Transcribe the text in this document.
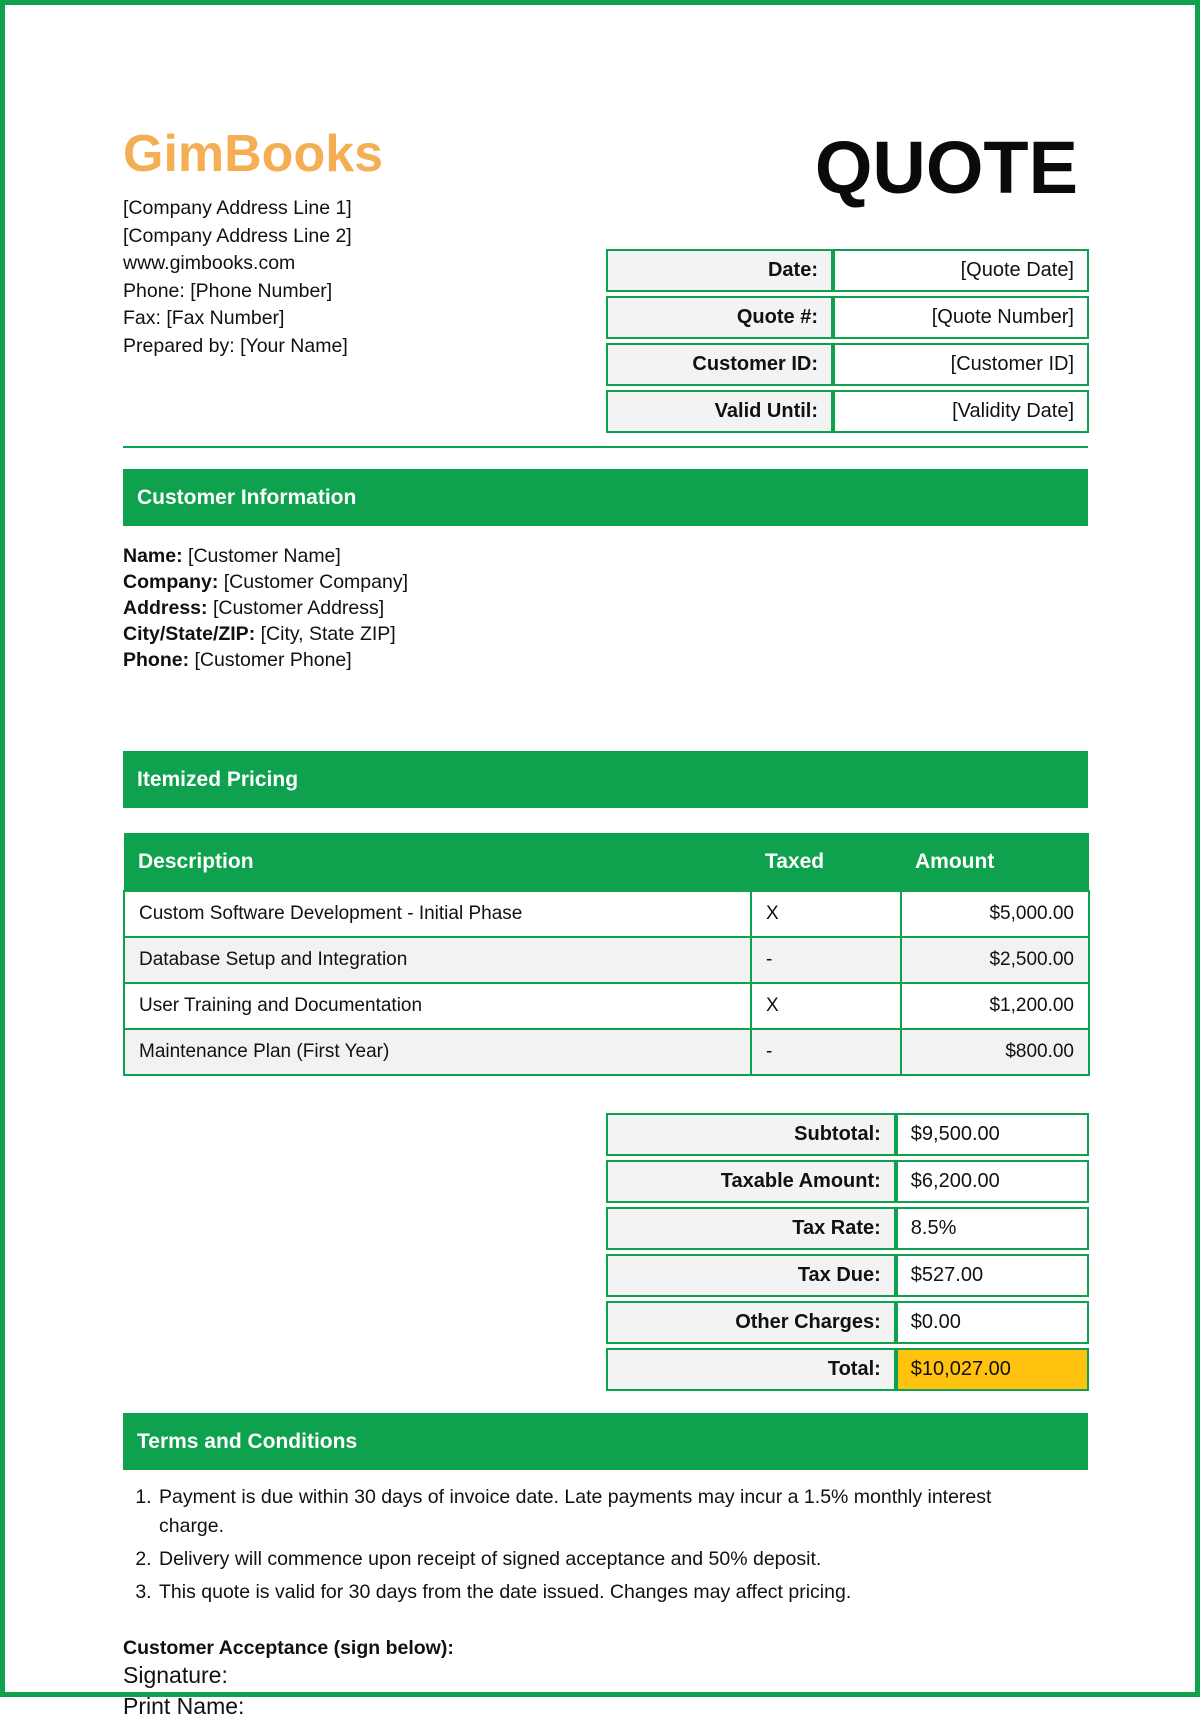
GimBooks
[Company Address Line 1]
[Company Address Line 2]
www.gimbooks.com
Phone: [Phone Number]
Fax: [Fax Number]
Prepared by: [Your Name]
QUOTE
Date:	[Quote Date]
Quote #:	[Quote Number]
Customer ID:	[Customer ID]
Valid Until:	[Validity Date]
Customer Information
Name: [Customer Name]
Company: [Customer Company]
Address: [Customer Address]
City/State/ZIP: [City, State ZIP]
Phone: [Customer Phone]
Itemized Pricing
Description	Taxed	Amount
Custom Software Development - Initial Phase	X	$5,000.00
Database Setup and Integration	-	$2,500.00
User Training and Documentation	X	$1,200.00
Maintenance Plan (First Year)	-	$800.00
Subtotal:	$9,500.00
Taxable Amount:	$6,200.00
Tax Rate:	8.5%
Tax Due:	$527.00
Other Charges:	$0.00
Total:	$10,027.00
Terms and Conditions
1. Payment is due within 30 days of invoice date. Late payments may incur a 1.5% monthly interest charge.
2. Delivery will commence upon receipt of signed acceptance and 50% deposit.
3. This quote is valid for 30 days from the date issued. Changes may affect pricing.
Customer Acceptance (sign below):
Signature:
Print Name:
